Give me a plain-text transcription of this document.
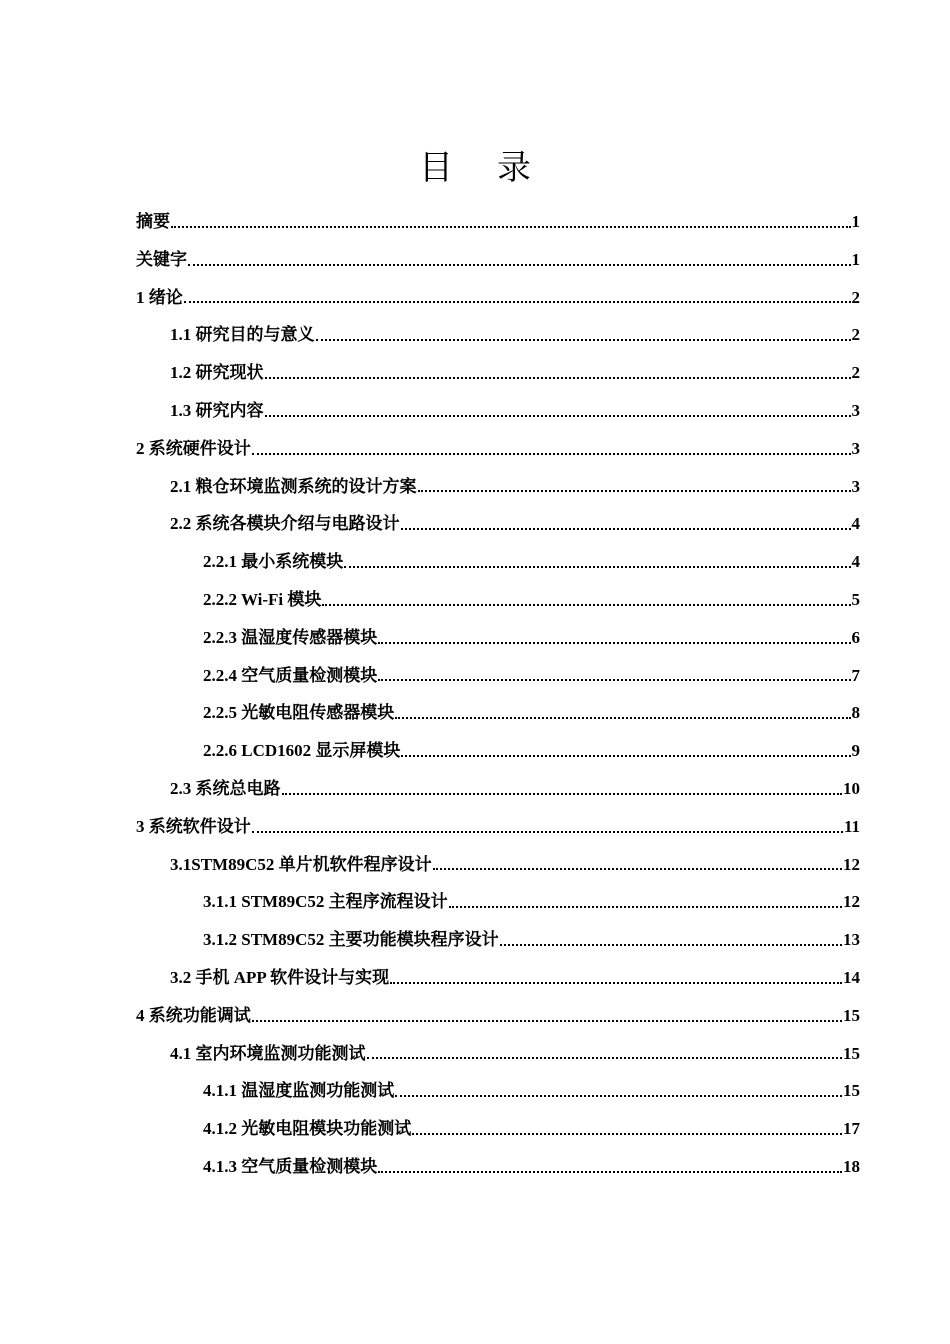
目 录
摘要	1
关键字	1
1 绪论	2
1.1 研究目的与意义	2
1.2 研究现状	2
1.3 研究内容	3
2 系统硬件设计	3
2.1 粮仓环境监测系统的设计方案	3
2.2 系统各模块介绍与电路设计	4
2.2.1 最小系统模块	4
2.2.2 Wi-Fi 模块	5
2.2.3 温湿度传感器模块	6
2.2.4 空气质量检测模块	7
2.2.5 光敏电阻传感器模块	8
2.2.6 LCD1602 显示屏模块	9
2.3 系统总电路	10
3 系统软件设计	11
3.1STM89C52 单片机软件程序设计	12
3.1.1 STM89C52 主程序流程设计	12
3.1.2 STM89C52 主要功能模块程序设计	13
3.2 手机 APP 软件设计与实现	14
4 系统功能调试	15
4.1 室内环境监测功能测试	15
4.1.1 温湿度监测功能测试	15
4.1.2 光敏电阻模块功能测试	17
4.1.3 空气质量检测模块	18
